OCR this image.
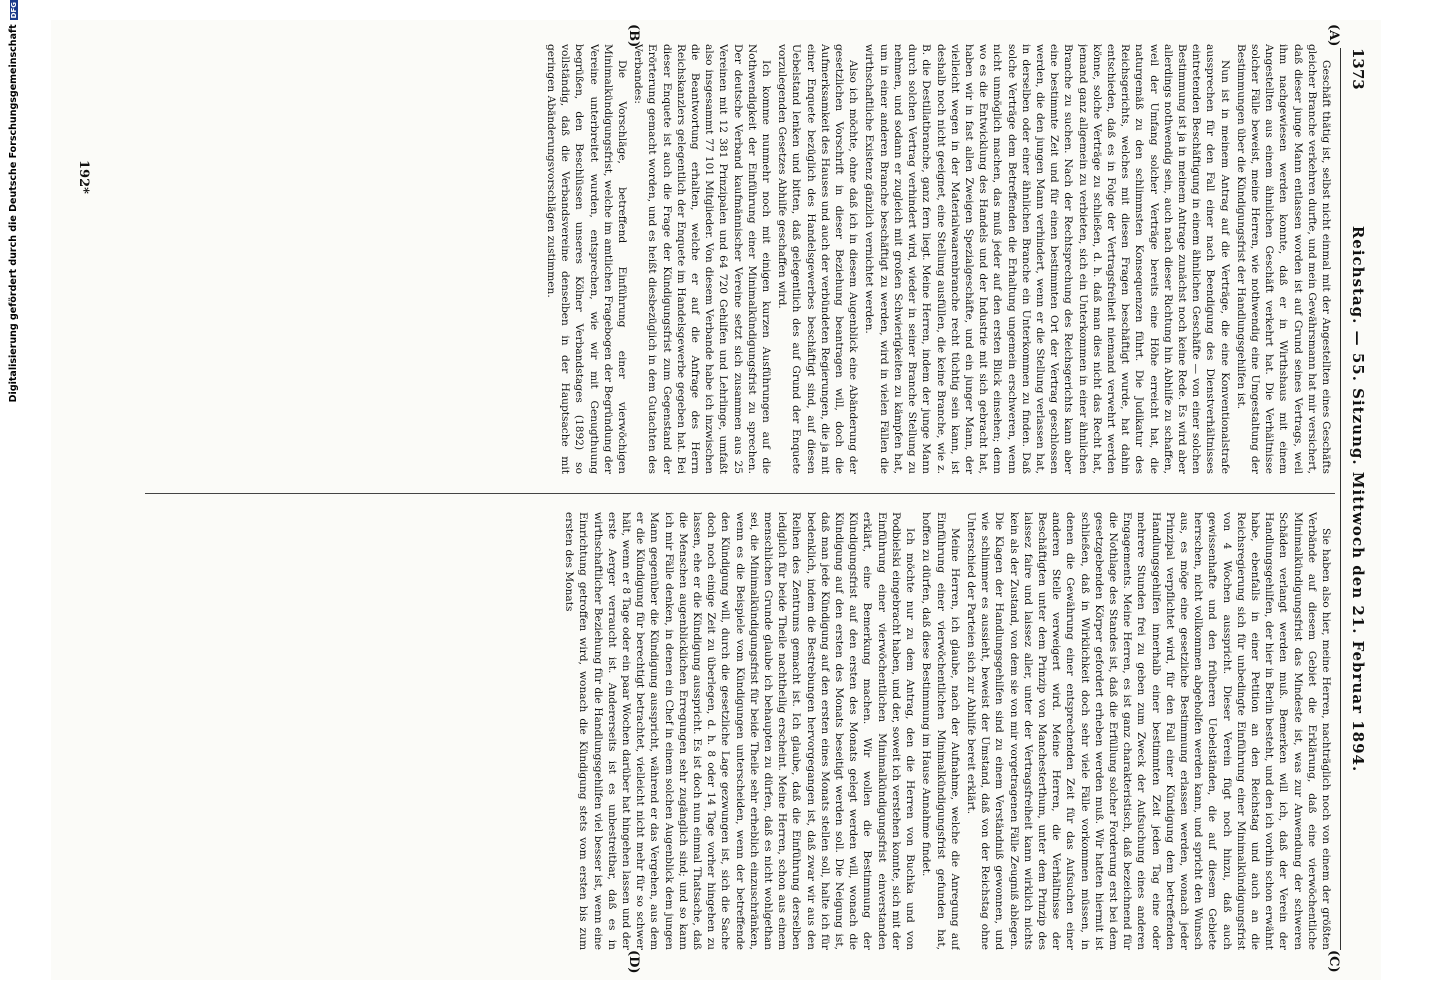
1373
Reichstag. — 55. Sitzung. Mittwoch den 21. Februar 1894.

Geschäft thätig ist, selbst nicht einmal mit der Angestellten eines Geschäfts gleicher Branche verkehren durfte, und mein Gewährsmann hat mir versichert, daß dieser junge Mann entlassen worden ist auf Grund seines Vertrags, weil ihm nachgewiesen werden konnte, daß er in Wirthshaus mit einem Angestellten aus einem ähnlichen Geschäft verkehrt hat. Die Verhältnisse solcher Fälle beweist, meine Herren, wie nothwendig eine Umgestaltung der Bestimmungen über die Kündigungsfrist der Handlungsgehilfen ist.

Nun ist in meinem Antrag auf die Verträge, die eine Konventionalstrafe aussprechen für den Fall einer nach Beendigung des Dienstverhältnisses eintretenden Beschäftigung in einem ähnlichen Geschäfte — von einer solchen Bestimmung ist ja in meinem Antrage zunächst noch keine Rede. Es wird aber allerdings nothwendig sein, auch nach dieser Richtung hin Abhilfe zu schaffen, weil der Umfang solcher Verträge bereits eine Höhe erreicht hat, die naturgemäß zu den schlimmsten Konsequenzen führt. Die Judikatur des Reichsgerichts, welches mit diesen Fragen beschäftigt wurde, hat dahin entschieden, daß es in Folge der Vertragsfreiheit niemand verwehrt werden könne, solche Verträge zu schließen, d. h. daß man dies nicht das Recht hat, jemand ganz allgemein zu verbieten, sich ein Unterkommen in einer ähnlichen Branche zu suchen. Nach der Rechtsprechung des Reichsgerichts kann aber eine bestimmte Zeit und für einen bestimmten Ort der Vertrag geschlossen werden, die den jungen Mann verhindert, wenn er die Stellung verlassen hat, in derselben oder einer ähnlichen Branche ein Unterkommen zu finden. Daß solche Verträge dem Betreffenden die Erhaltung ungemein erschweren, wenn nicht unmöglich machen, das muß jeder auf den ersten Blick einsehen; denn wo es die Entwicklung des Handels und der Industrie mit sich gebracht hat, haben wir in fast allen Zweigen Spezialgeschäfte, und ein junger Mann, der vielleicht wegen in der Materialwaarenbranche recht tüchtig sein kann, ist deshalb noch nicht geeignet, eine Stellung ausfüllen, die keine Branche, wie z. B. die Destillatbranche, ganz fern liegt. Meine Herren, indem der junge Mann durch solchen Vertrag verhindert wird, wieder in seiner Branche Stellung zu nehmen, und sodann er zugleich mit großen Schwierigkeiten zu kämpfen hat, um in einer anderen Branche beschäftigt zu werden, wird in vielen Fällen die wirthschaftliche Existenz gänzlich vernichtet werden.

Also ich möchte, ohne daß ich in diesem Augenblick eine Abänderung der gesetzlichen Vorschrift in dieser Beziehung beantragen will, doch die Aufmerksamkeit des Hauses und auch der verbündeten Regierungen, die ja mit einer Enquete bezüglich des Handelsgewerbes beschäftigt sind, auf diesen Uebelstand lenken und bitten, daß gelegentlich des auf Grund der Enquete vorzulegenden Gesetzes Abhilfe geschaffen wird.

Ich komme nunmehr noch mit einigen kurzen Ausführungen auf die Nothwendigkeit der Einführung einer Minimalkündigungsfrist zu sprechen. Der deutsche Verband kaufmännischer Vereine setzt sich zusammen aus 25 Vereinen mit 12 381 Prinzipalen und 64 720 Gehilfen und Lehrlinge, umfaßt also insgesammt 77 101 Mitglieder. Von diesem Verbande habe ich inzwischen die Beantwortung erhalten, welche er auf die Anfrage des Herrn Reichskanzlers gelegentlich der Enquete im Handelsgewerbe gegeben hat. Bei dieser Enquete ist auch die Frage der Kündigungsfrist zum Gegenstand der Erörterung gemacht worden, und es heißt diesbezüglich in dem Gutachten des Verbandes:

Die Vorschläge, betreffend Einführung einer vierwöchigen Minimalkündigungsfrist, welche im amtlichen Fragebogen der Begründung der Vereine unterbreitet wurden, entsprechen, wie wir mit Genugthuung begrüßen, den Beschlüssen unseres Kölner Verbandstages (1892) so vollständig, daß die Verbandsvereine denselben in der Hauptsache mit geringen Abänderungsvorschlägen zustimmen.

Sie haben also hier, meine Herren, nachträglich noch von einem der größten Verbände auf diesem Gebiet die Erklärung, daß eine vierwöchentliche Minimalkündigungsfrist das Mindeste ist, was zur Anwendung der schweren Schäden verlangt werden muß. Bemerken will ich, daß der Verein der Handlungsgehilfen, der hier in Berlin besteht, und den ich vorhin schon erwähnt habe, ebenfalls in einer Petition an den Reichstag und auch an die Reichsregierung sich für unbedingte Einführung einer Minimalkündigungsfrist von 4 Wochen ausspricht. Dieser Verein fügt noch hinzu, daß auch gewissenhafte und den früheren Uebelständen, die auf diesem Gebiete herrschen, nicht vollkommen abgeholfen werden kann, und spricht den Wunsch aus, es möge eine gesetzliche Bestimmung erlassen werden, wonach jeder Prinzipal verpflichtet wird, für den Fall einer Kündigung dem betreffenden Handlungsgehilfen innerhalb einer bestimmten Zeit jeden Tag eine oder mehrere Stunden frei zu geben zum Zweck der Aufsuchung eines anderen Engagements. Meine Herren, es ist ganz charakteristisch, daß bezeichnend für die Nothlage des Standes ist, daß die Erfüllung solcher Forderung erst bei dem gesetzgebenden Körper gefordert erheben werden muß. Wir hatten hiermit ist schließen, daß in Wirklichkeit doch sehr viele Fälle vorkommen müssen, in denen die Gewährung einer entsprechenden Zeit für das Aufsuchen einer anderen Stelle verweigert wird. Meine Herren, die Verhältnisse der Beschäftigten unter dem Prinzip von Manchesterthum, unter dem Prinzip des laissez faire und laissez aller, unter der Vertragsfreiheit kann wirklich nichts kein als der Zustand, von dem sie von mir vorgetragenen Fälle Zeugniß ablegen. Die Klagen der Handlungsgehilfen sind zu einem Verständniß gewonnen, und wie schlimmer es aussieht, beweist der Umstand, daß von der Reichstag ohne Unterschied der Parteien sich zur Abhilfe bereit erklärt.

Meine Herren, ich glaube, nach der Aufnahme, welche die Anregung auf Einführung einer vierwöchentlichen Minimalkündigungsfrist gefunden hat, hoffen zu dürfen, daß diese Bestimmung im Hause Annahme findet.

Ich möchte nur zu dem Antrag, den die Herren von Buchka und von Podbielski eingebracht haben, und der, soweit ich verstehen konnte, sich mit der Einführung einer vierwöchentlichen Minimalkündigungsfrist einverstanden erklärt, eine Bemerkung machen. Wir wollen die Bestimmung der Kündigungsfrist auf den ersten des Monats gelegt werden will, wonach die Kündigung auf den ersten des Monats beseitigt werden soll. Die Neigung ist, daß man jede Kündigung auf den ersten eines Monats stellen soll, halte ich für bedenklich, indem die Bestrebungen hervorgegangen ist, daß zwar wir aus den Reihen des Zentrums gemacht ist. Ich glaube, daß die Einführung derselben lediglich für beide Theile nachtheilig erscheint. Meine Herren, schon aus einem menschlichen Grunde glaube ich behaupten zu dürfen, daß es nicht wohlgethan sei, die Minimalkündigungsfrist für beide Theile sehr erheblich einzuschränken, wenn es die Beispiele vom Kündigungen unterscheiden, wenn der betreffende den Kündigung will, durch die gesetzliche Lage gezwungen ist, sich die Sache doch noch einige Zeit zu überlegen, d. h. 8 oder 14 Tage vorher hingehen zu lassen, ehe er die Kündigung ausspricht. Es ist doch nun einmal Thatsache, daß die Menschen augenblicklichen Erregungen sehr zugänglich sind; und so kann ich mir Fälle denken, in denen ein Chef in einem solchen Augenblick dem jungen Mann gegenüber die Kündigung ausspricht, während er das Vergehen, aus dem er die Kündigung für berechtigt betrachtet, vielleicht nicht mehr für so schwer hält, wenn er 8 Tage oder ein paar Wochen darüber hat hingehen lassen und der erste Aerger verraucht ist. Andererseits ist es unbestreitbar, daß es in wirthschaftlicher Beziehung für die Handlungsgehilfen viel besser ist, wenn eine Einrichtung getroffen wird, wonach die Kündigung stets vom ersten bis zum ersten des Monats

(A)
(B)
(C)
(D)
192*
Digitalisierung gefördert durch die Deutsche ForschungsgemeinschaftDFG
